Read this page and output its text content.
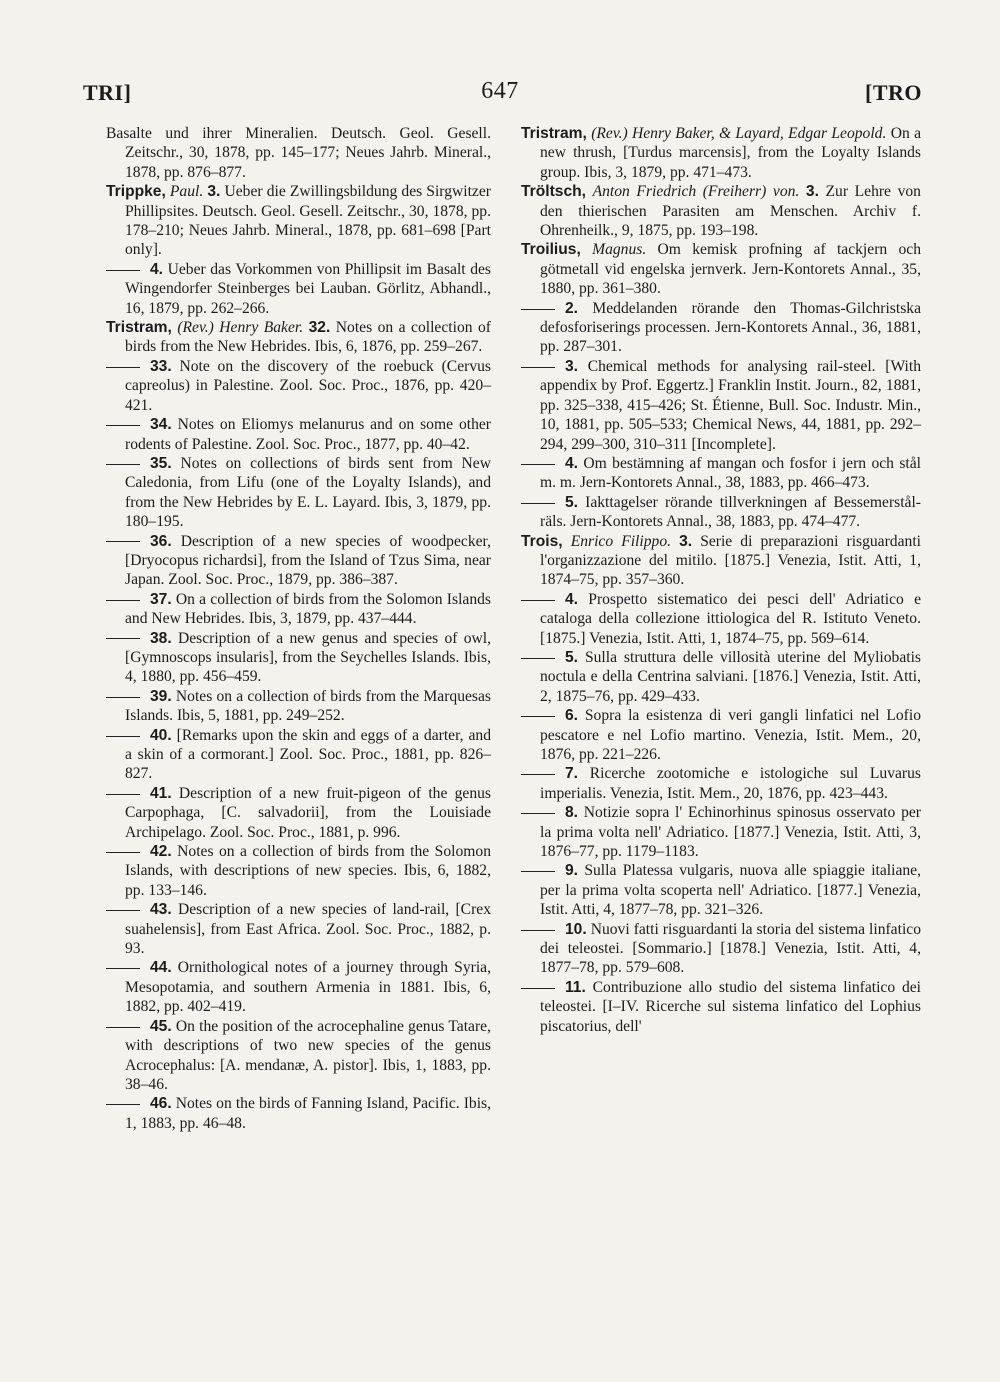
TRI]	647	[TRO

Basalte und ihrer Mineralien. Deutsch. Geol. Gesell. Zeitschr., 30, 1878, pp. 145–177; Neues Jahrb. Mineral., 1878, pp. 876–877.

Trippke, Paul. 3. Ueber die Zwillingsbildung des Sirgwitzer Phillipsites. Deutsch. Geol. Gesell. Zeitschr., 30, 1878, pp. 178–210; Neues Jahrb. Mineral., 1878, pp. 681–698 [Part only].

4. Ueber das Vorkommen von Phillipsit im Basalt des Wingendorfer Steinberges bei Lauban. Görlitz, Abhandl., 16, 1879, pp. 262–266.

Tristram, (Rev.) Henry Baker. 32. Notes on a collection of birds from the New Hebrides. Ibis, 6, 1876, pp. 259–267.

33. Note on the discovery of the roebuck (Cervus capreolus) in Palestine. Zool. Soc. Proc., 1876, pp. 420–421.

34. Notes on Eliomys melanurus and on some other rodents of Palestine. Zool. Soc. Proc., 1877, pp. 40–42.

35. Notes on collections of birds sent from New Caledonia, from Lifu (one of the Loyalty Islands), and from the New Hebrides by E. L. Layard. Ibis, 3, 1879, pp. 180–195.

36. Description of a new species of woodpecker, [Dryocopus richardsi], from the Island of Tzus Sima, near Japan. Zool. Soc. Proc., 1879, pp. 386–387.

37. On a collection of birds from the Solomon Islands and New Hebrides. Ibis, 3, 1879, pp. 437–444.

38. Description of a new genus and species of owl, [Gymnoscops insularis], from the Seychelles Islands. Ibis, 4, 1880, pp. 456–459.

39. Notes on a collection of birds from the Marquesas Islands. Ibis, 5, 1881, pp. 249–252.

40. [Remarks upon the skin and eggs of a darter, and a skin of a cormorant.] Zool. Soc. Proc., 1881, pp. 826–827.

41. Description of a new fruit-pigeon of the genus Carpophaga, [C. salvadorii], from the Louisiade Archipelago. Zool. Soc. Proc., 1881, p. 996.

42. Notes on a collection of birds from the Solomon Islands, with descriptions of new species. Ibis, 6, 1882, pp. 133–146.

43. Description of a new species of land-rail, [Crex suahelensis], from East Africa. Zool. Soc. Proc., 1882, p. 93.

44. Ornithological notes of a journey through Syria, Mesopotamia, and southern Armenia in 1881. Ibis, 6, 1882, pp. 402–419.

45. On the position of the acrocephaline genus Tatare, with descriptions of two new species of the genus Acrocephalus: [A. mendanæ, A. pistor]. Ibis, 1, 1883, pp. 38–46.

46. Notes on the birds of Fanning Island, Pacific. Ibis, 1, 1883, pp. 46–48.

Tristram, (Rev.) Henry Baker, & Layard, Edgar Leopold. On a new thrush, [Turdus marcensis], from the Loyalty Islands group. Ibis, 3, 1879, pp. 471–473.

Tröltsch, Anton Friedrich (Freiherr) von. 3. Zur Lehre von den thierischen Parasiten am Menschen. Archiv f. Ohrenheilk., 9, 1875, pp. 193–198.

Troilius, Magnus. Om kemisk profning af tackjern och götmetall vid engelska jernverk. Jern-Kontorets Annal., 35, 1880, pp. 361–380.

2. Meddelanden rörande den Thomas-Gilchristska defosforiserings processen. Jern-Kontorets Annal., 36, 1881, pp. 287–301.

3. Chemical methods for analysing rail-steel. [With appendix by Prof. Eggertz.] Franklin Instit. Journ., 82, 1881, pp. 325–338, 415–426; St. Étienne, Bull. Soc. Industr. Min., 10, 1881, pp. 505–533; Chemical News, 44, 1881, pp. 292–294, 299–300, 310–311 [Incomplete].

4. Om bestämning af mangan och fosfor i jern och stål m. m. Jern-Kontorets Annal., 38, 1883, pp. 466–473.

5. Iakttagelser rörande tillverkningen af Bessemerstål-räls. Jern-Kontorets Annal., 38, 1883, pp. 474–477.

Trois, Enrico Filippo. 3. Serie di preparazioni risguardanti l'organizzazione del mitilo. [1875.] Venezia, Istit. Atti, 1, 1874–75, pp. 357–360.

4. Prospetto sistematico dei pesci dell' Adriatico e cataloga della collezione ittiologica del R. Istituto Veneto. [1875.] Venezia, Istit. Atti, 1, 1874–75, pp. 569–614.

5. Sulla struttura delle villosità uterine del Myliobatis noctula e della Centrina salviani. [1876.] Venezia, Istit. Atti, 2, 1875–76, pp. 429–433.

6. Sopra la esistenza di veri gangli linfatici nel Lofio pescatore e nel Lofio martino. Venezia, Istit. Mem., 20, 1876, pp. 221–226.

7. Ricerche zootomiche e istologiche sul Luvarus imperialis. Venezia, Istit. Mem., 20, 1876, pp. 423–443.

8. Notizie sopra l' Echinorhinus spinosus osservato per la prima volta nell' Adriatico. [1877.] Venezia, Istit. Atti, 3, 1876–77, pp. 1179–1183.

9. Sulla Platessa vulgaris, nuova alle spiaggie italiane, per la prima volta scoperta nell' Adriatico. [1877.] Venezia, Istit. Atti, 4, 1877–78, pp. 321–326.

10. Nuovi fatti risguardanti la storia del sistema linfatico dei teleostei. [Sommario.] [1878.] Venezia, Istit. Atti, 4, 1877–78, pp. 579–608.

11. Contribuzione allo studio del sistema linfatico dei teleostei. [I–IV. Ricerche sul sistema linfatico del Lophius piscatorius, dell'
